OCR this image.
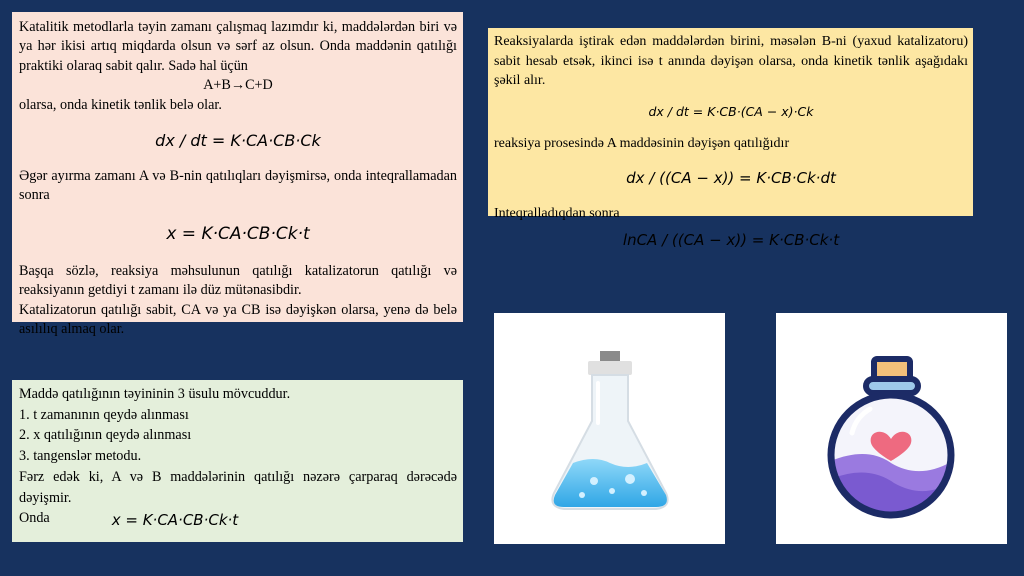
Katalitik metodlarla təyin zamanı çalışmaq lazımdır ki, maddələrdən biri və ya hər ikisi artıq miqdarda olsun və sərf az olsun. Onda maddənin qatılığı praktiki olaraq sabit qalır. Sadə hal üçün

A+B→C+D

olarsa, onda kinetik tənlik belə olar.

dx / dt = K·CA·CB·Ck

Əgər ayırma zamanı A və B-nin qatılıqları dəyişmirsə, onda inteqrallamadan sonra

x = K·CA·CB·Ck·t

Başqa sözlə, reaksiya məhsulunun qatılığı katalizatorun qatılığı və reaksiyanın getdiyi t zamanı ilə düz mütənasibdir.

Katalizatorun qatılığı sabit, CA və ya CB isə dəyişkən olarsa, yenə də belə asılılıq almaq olar.

Reaksiyalarda iştirak edən maddələrdən birini, məsələn B-ni (yaxud katalizatoru) sabit hesab etsək, ikinci isə t anında dəyişən olarsa, onda kinetik tənlik aşağıdakı şəkil alır.

dx / dt = K·CB·(CA − x)·Ck

reaksiya prosesində A maddəsinin dəyişən qatılığıdır

dx / ((CA − x)) = K·CB·Ck·dt

Inteqralladıqdan sonra

lnCA / ((CA − x)) = K·CB·Ck·t

Maddə qatılığının təyininin 3 üsulu mövcuddur.

1. t zamanının qeydə alınması

2. x qatılığının qeydə alınması

3. tangenslər metodu.

Fərz edək ki, A və B maddələrinin qatılığı nəzərə çarparaq dərəcədə dəyişmir.

Onda	x = K·CA·CB·Ck·t
